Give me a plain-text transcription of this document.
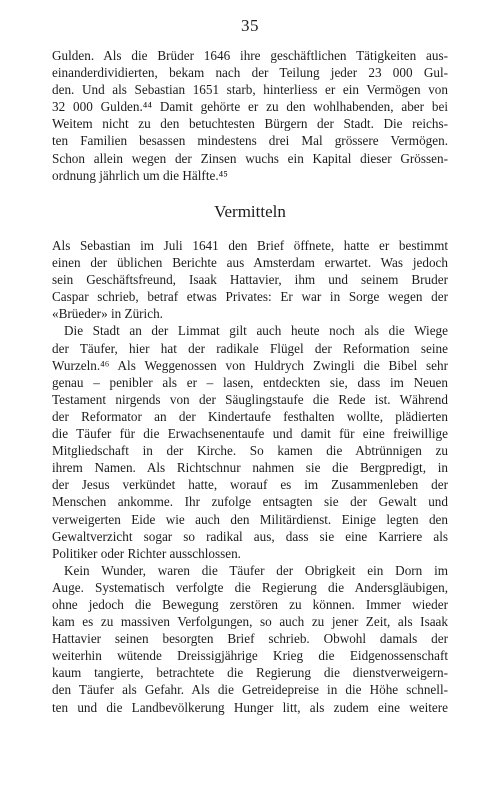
35
Gulden. Als die Brüder 1646 ihre geschäftlichen Tätigkeiten aus-
einanderdividierten, bekam nach der Teilung jeder 23 000 Gul-
den. Und als Sebastian 1651 starb, hinterliess er ein Vermögen von
32 000 Gulden.⁴⁴ Damit gehörte er zu den wohlhabenden, aber bei
Weitem nicht zu den betuchtesten Bürgern der Stadt. Die reichs-
ten Familien besassen mindestens drei Mal grössere Vermögen.
Schon allein wegen der Zinsen wuchs ein Kapital dieser Grössen-
ordnung jährlich um die Hälfte.⁴⁵
Vermitteln
Als Sebastian im Juli 1641 den Brief öffnete, hatte er bestimmt
einen der üblichen Berichte aus Amsterdam erwartet. Was jedoch
sein Geschäftsfreund, Isaak Hattavier, ihm und seinem Bruder
Caspar schrieb, betraf etwas Privates: Er war in Sorge wegen der
«Brüeder» in Zürich.
Die Stadt an der Limmat gilt auch heute noch als die Wiege
der Täufer, hier hat der radikale Flügel der Reformation seine
Wurzeln.⁴⁶ Als Weggenossen von Huldrych Zwingli die Bibel sehr
genau – penibler als er – lasen, entdeckten sie, dass im Neuen
Testament nirgends von der Säuglingstaufe die Rede ist. Während
der Reformator an der Kindertaufe festhalten wollte, plädierten
die Täufer für die Erwachsenentaufe und damit für eine freiwillige
Mitgliedschaft in der Kirche. So kamen die Abtrünnigen zu
ihrem Namen. Als Richtschnur nahmen sie die Bergpredigt, in
der Jesus verkündet hatte, worauf es im Zusammenleben der
Menschen ankomme. Ihr zufolge entsagten sie der Gewalt und
verweigerten Eide wie auch den Militärdienst. Einige legten den
Gewaltverzicht sogar so radikal aus, dass sie eine Karriere als
Politiker oder Richter ausschlossen.
Kein Wunder, waren die Täufer der Obrigkeit ein Dorn im
Auge. Systematisch verfolgte die Regierung die Andersgläubigen,
ohne jedoch die Bewegung zerstören zu können. Immer wieder
kam es zu massiven Verfolgungen, so auch zu jener Zeit, als Isaak
Hattavier seinen besorgten Brief schrieb. Obwohl damals der
weiterhin wütende Dreissigjährige Krieg die Eidgenossenschaft
kaum tangierte, betrachtete die Regierung die dienstverweigern-
den Täufer als Gefahr. Als die Getreidepreise in die Höhe schnell-
ten und die Landbevölkerung Hunger litt, als zudem eine weitere
